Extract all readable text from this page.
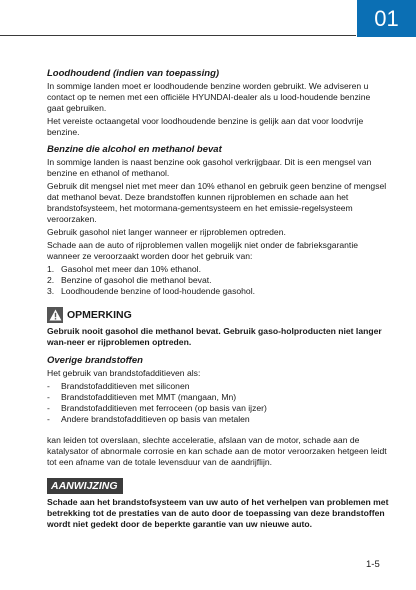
01
Loodhoudend (indien van toepassing)

In sommige landen moet er loodhoudende benzine worden gebruikt. We adviseren u contact op te nemen met een officiële HYUNDAI-dealer als u lood-houdende benzine gaat gebruiken.

Het vereiste octaangetal voor loodhoudende benzine is gelijk aan dat voor loodvrije benzine.

Benzine die alcohol en methanol bevat

In sommige landen is naast benzine ook gasohol verkrijgbaar. Dit is een mengsel van benzine en ethanol of methanol.

Gebruik dit mengsel niet met meer dan 10% ethanol en gebruik geen benzine of mengsel dat methanol bevat. Deze brandstoffen kunnen rijproblemen en schade aan het brandstofsysteem, het motormana-gementsysteem en het emissie-regelsysteem veroorzaken.

Gebruik gasohol niet langer wanneer er rijproblemen optreden.

Schade aan de auto of rijproblemen vallen mogelijk niet onder de fabrieksgarantie wanneer ze veroorzaakt worden door het gebruik van:

1. Gasohol met meer dan 10% ethanol.
2. Benzine of gasohol die methanol bevat.
3. Loodhoudende benzine of lood-houdende gasohol.
OPMERKING
Gebruik nooit gasohol die methanol bevat. Gebruik gaso-holproducten niet langer wan-neer er rijproblemen optreden.
Overige brandstoffen

Het gebruik van brandstofadditieven als:

-	Brandstofadditieven met siliconen
-	Brandstofadditieven met MMT (mangaan, Mn)
-	Brandstofadditieven met ferroceen (op basis van ijzer)
-	Andere brandstofadditieven op basis van metalen

kan leiden tot overslaan, slechte acceleratie, afslaan van de motor, schade aan de katalysator of abnormale corrosie en kan schade aan de motor veroorzaken hetgeen leidt tot een afname van de totale levensduur van de aandrijflijn.

AANWIJZING
Schade aan het brandstofsysteem van uw auto of het verhelpen van problemen met betrekking tot de prestaties van de auto door de toepassing van deze brandstoffen wordt niet gedekt door de beperkte garantie van uw nieuwe auto.
1-5
